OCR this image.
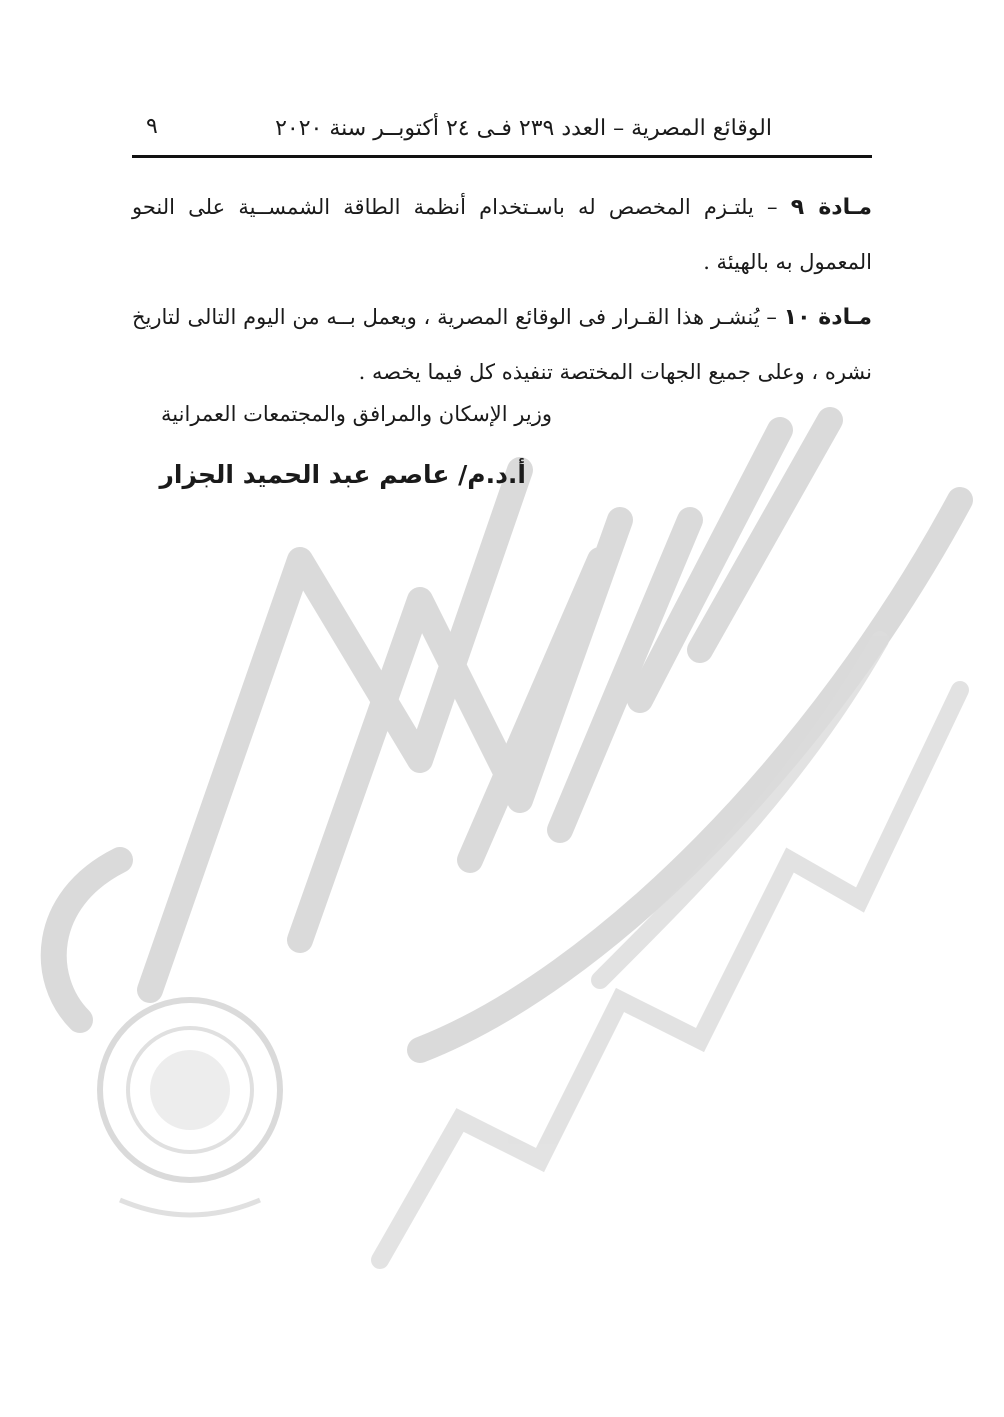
الوقائع المصرية – العدد ٢٣٩ فـى ٢٤ أكتوبــر سنة ٢٠٢٠
٩
مـادة ٩ – يلتـزم المخصص له باسـتخدام أنظمة الطاقة الشمســية على النحو المعمول به بالهيئة .
مـادة ١٠ – يُنشـر هذا القـرار فى الوقائع المصرية ، ويعمل بــه من اليوم التالى لتاريخ نشره ، وعلى جميع الجهات المختصة تنفيذه كل فيما يخصه .
وزير الإسكان والمرافق والمجتمعات العمرانية
أ.د.م/ عاصم عبد الحميد الجزار
